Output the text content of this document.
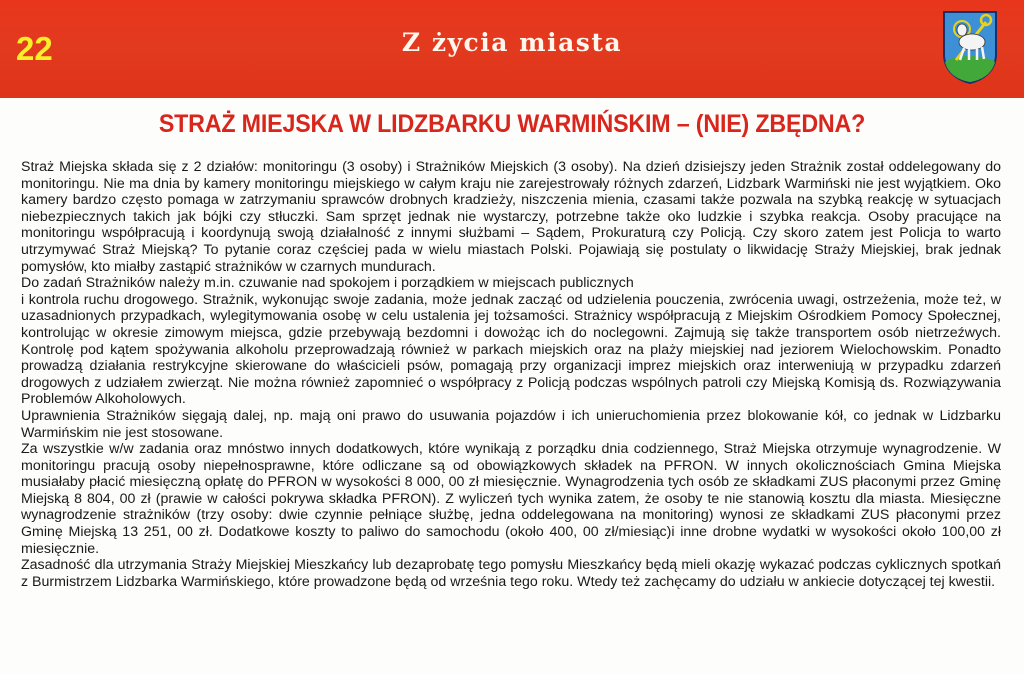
22	Z życia miasta
STRAŻ MIEJSKA W LIDZBARKU WARMIŃSKIM – (NIE) ZBĘDNA?

Straż Miejska składa się z 2 działów: monitoringu (3 osoby) i Strażników Miejskich (3 osoby). Na dzień dzisiejszy jeden Strażnik został oddelegowany do monitoringu. Nie ma dnia by kamery monitoringu miejskiego w całym kraju nie zarejestrowały różnych zdarzeń, Lidzbark Warmiński nie jest wyjątkiem. Oko kamery bardzo często pomaga w zatrzymaniu sprawców drobnych kradzieży, niszczenia mienia, czasami także pozwala na szybką reakcję w sytuacjach niebezpiecznych takich jak bójki czy stłuczki. Sam sprzęt jednak nie wystarczy, potrzebne także oko ludzkie i szybka reakcja. Osoby pracujące na monitoringu współpracują i koordynują swoją działalność z innymi służbami – Sądem, Prokuraturą czy Policją. Czy skoro zatem jest Policja to warto utrzymywać Straż Miejską? To pytanie coraz częściej pada w wielu miastach Polski. Pojawiają się postulaty o likwidację Straży Miejskiej, brak jednak pomysłów, kto miałby zastąpić strażników w czarnych mundurach.

Do zadań Strażników należy m.in. czuwanie nad spokojem i porządkiem w miejscach publicznych

i kontrola ruchu drogowego. Strażnik, wykonując swoje zadania, może jednak zacząć od udzielenia pouczenia, zwrócenia uwagi, ostrzeżenia, może też, w uzasadnionych przypadkach, wylegitymowania osobę w celu ustalenia jej tożsamości. Strażnicy współpracują z Miejskim Ośrodkiem Pomocy Społecznej, kontrolując w okresie zimowym miejsca, gdzie przebywają bezdomni i dowożąc ich do noclegowni. Zajmują się także transportem osób nietrzeźwych. Kontrolę pod kątem spożywania alkoholu przeprowadzają również w parkach miejskich oraz na plaży miejskiej nad jeziorem Wielochowskim. Ponadto prowadzą działania restrykcyjne skierowane do właścicieli psów, pomagają przy organizacji imprez miejskich oraz interweniują w przypadku zdarzeń drogowych z udziałem zwierząt. Nie można również zapomnieć o współpracy z Policją podczas wspólnych patroli czy Miejską Komisją ds. Rozwiązywania Problemów Alkoholowych.

Uprawnienia Strażników sięgają dalej, np. mają oni prawo do usuwania pojazdów i ich unieruchomienia przez blokowanie kół, co jednak w Lidzbarku Warmińskim nie jest stosowane.

Za wszystkie w/w zadania oraz mnóstwo innych dodatkowych, które wynikają z porządku dnia codziennego, Straż Miejska otrzymuje wynagrodzenie. W monitoringu pracują osoby niepełnosprawne, które odliczane są od obowiązkowych składek na PFRON. W innych okolicznościach Gmina Miejska musiałaby płacić miesięczną opłatę do PFRON w wysokości 8 000, 00 zł miesięcznie. Wynagrodzenia tych osób ze składkami ZUS płaconymi przez Gminę Miejską 8 804, 00 zł (prawie w całości pokrywa składka PFRON). Z wyliczeń tych wynika zatem, że osoby te nie stanowią kosztu dla miasta. Miesięczne wynagrodzenie strażników (trzy osoby: dwie czynnie pełniące służbę, jedna oddelegowana na monitoring) wynosi ze składkami ZUS płaconymi przez Gminę Miejską 13 251, 00 zł. Dodatkowe koszty to paliwo do samochodu (około 400, 00 zł/miesiąc)i inne drobne wydatki w wysokości około 100,00 zł miesięcznie.

Zasadność dla utrzymania Straży Miejskiej Mieszkańcy lub dezaprobatę tego pomysłu Mieszkańcy będą mieli okazję wykazać podczas cyklicznych spotkań z Burmistrzem Lidzbarka Warmińskiego, które prowadzone będą od września tego roku. Wtedy też zachęcamy do udziału w ankiecie dotyczącej tej kwestii.
